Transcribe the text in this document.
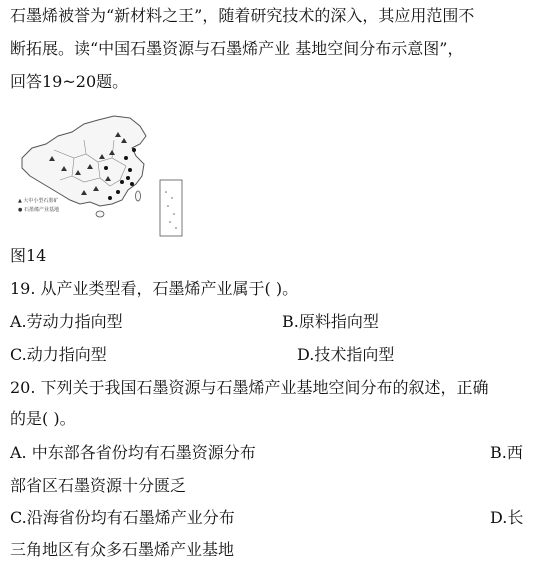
石墨烯被誉为“新材料之王”，随着研究技术的深入，其应用范围不
断拓展。读“中国石墨资源与石墨烯产业 基地空间分布示意图”，
回答19~20题。
▲ 大中小型石墨矿
● 石墨烯产业基地
图14
19. 从产业类型看，石墨烯产业属于( )。
A.劳动力指向型	B.原料指向型
C.动力指向型	D.技术指向型
20. 下列关于我国石墨资源与石墨烯产业基地空间分布的叙述，正确
的是( )。
A. 中东部各省份均有石墨资源分布	B.西
部省区石墨资源十分匮乏
C.沿海省份均有石墨烯产业分布	D.长
三角地区有众多石墨烯产业基地
